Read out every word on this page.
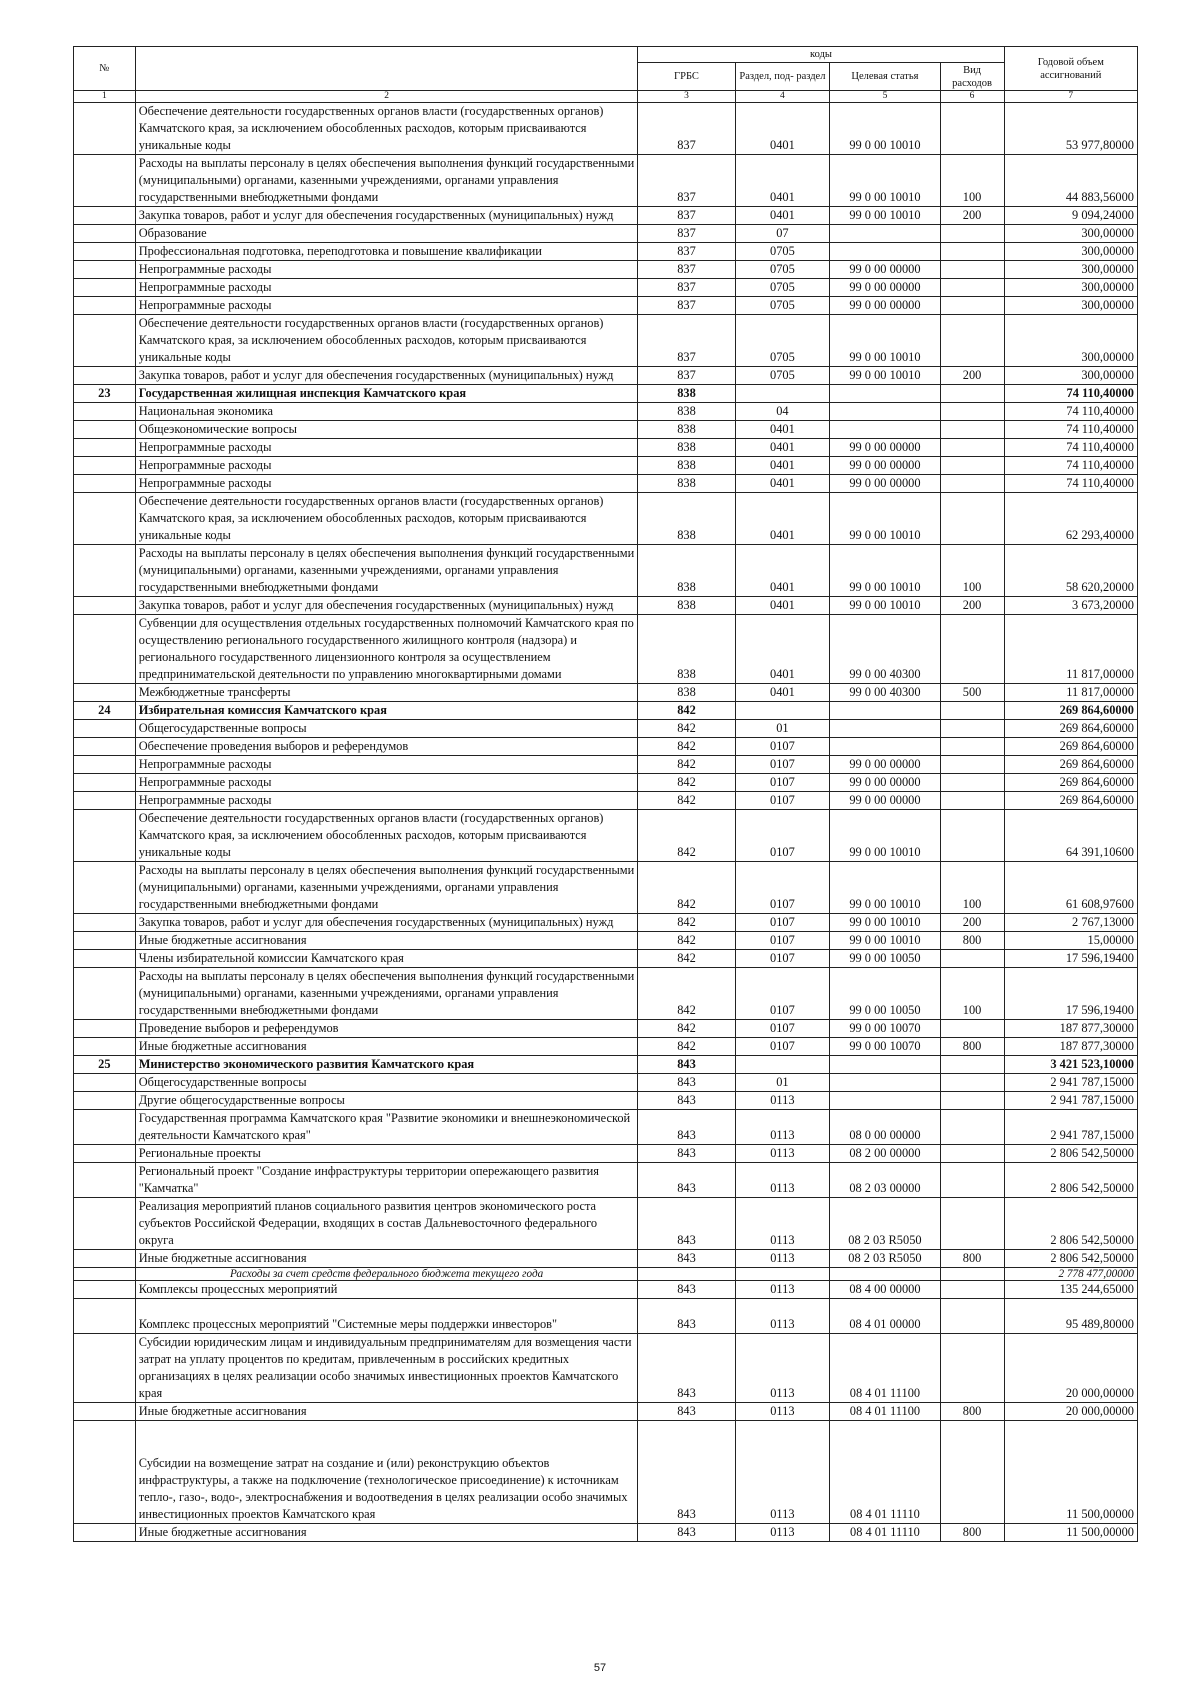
№		коды				Годовой объем ассигнований
		ГРБС	Раздел, под- раздел	Целевая статья	Вид расходов	
1	2	3	4	5	6	7
	Обеспечение деятельности государственных органов власти (государственных органов) Камчатского края, за исключением обособленных расходов, которым присваиваются уникальные коды	837	0401	99 0 00 10010		53 977,80000
	Расходы на выплаты персоналу в целях обеспечения выполнения функций государственными (муниципальными) органами, казенными учреждениями, органами управления государственными внебюджетными фондами	837	0401	99 0 00 10010	100	44 883,56000
	Закупка товаров, работ и услуг для обеспечения государственных (муниципальных) нужд	837	0401	99 0 00 10010	200	9 094,24000
	Образование	837	07			300,00000
	Профессиональная подготовка, переподготовка и повышение квалификации	837	0705			300,00000
	Непрограммные расходы	837	0705	99 0 00 00000		300,00000
	Непрограммные расходы	837	0705	99 0 00 00000		300,00000
	Непрограммные расходы	837	0705	99 0 00 00000		300,00000
	Обеспечение деятельности государственных органов власти (государственных органов) Камчатского края, за исключением обособленных расходов, которым присваиваются уникальные коды	837	0705	99 0 00 10010		300,00000
	Закупка товаров, работ и услуг для обеспечения государственных (муниципальных) нужд	837	0705	99 0 00 10010	200	300,00000
23	Государственная жилищная инспекция Камчатского края	838				74 110,40000
	Национальная экономика	838	04			74 110,40000
	Общеэкономические вопросы	838	0401			74 110,40000
	Непрограммные расходы	838	0401	99 0 00 00000		74 110,40000
	Непрограммные расходы	838	0401	99 0 00 00000		74 110,40000
	Непрограммные расходы	838	0401	99 0 00 00000		74 110,40000
	Обеспечение деятельности государственных органов власти (государственных органов) Камчатского края, за исключением обособленных расходов, которым присваиваются уникальные коды	838	0401	99 0 00 10010		62 293,40000
	Расходы на выплаты персоналу в целях обеспечения выполнения функций государственными (муниципальными) органами, казенными учреждениями, органами управления государственными внебюджетными фондами	838	0401	99 0 00 10010	100	58 620,20000
	Закупка товаров, работ и услуг для обеспечения государственных (муниципальных) нужд	838	0401	99 0 00 10010	200	3 673,20000
	Субвенции для осуществления отдельных государственных полномочий Камчатского края по осуществлению регионального государственного жилищного контроля (надзора) и регионального государственного лицензионного контроля за осуществлением предпринимательской деятельности по управлению многоквартирными домами	838	0401	99 0 00 40300		11 817,00000
	Межбюджетные трансферты	838	0401	99 0 00 40300	500	11 817,00000
24	Избирательная комиссия Камчатского края	842				269 864,60000
	Общегосударственные вопросы	842	01			269 864,60000
	Обеспечение проведения выборов и референдумов	842	0107			269 864,60000
	Непрограммные расходы	842	0107	99 0 00 00000		269 864,60000
	Непрограммные расходы	842	0107	99 0 00 00000		269 864,60000
	Непрограммные расходы	842	0107	99 0 00 00000		269 864,60000
	Обеспечение деятельности государственных органов власти (государственных органов) Камчатского края, за исключением обособленных расходов, которым присваиваются уникальные коды	842	0107	99 0 00 10010		64 391,10600
	Расходы на выплаты персоналу в целях обеспечения выполнения функций государственными (муниципальными) органами, казенными учреждениями, органами управления государственными внебюджетными фондами	842	0107	99 0 00 10010	100	61 608,97600
	Закупка товаров, работ и услуг для обеспечения государственных (муниципальных) нужд	842	0107	99 0 00 10010	200	2 767,13000
	Иные бюджетные ассигнования	842	0107	99 0 00 10010	800	15,00000
	Члены избирательной комиссии Камчатского края	842	0107	99 0 00 10050		17 596,19400
	Расходы на выплаты персоналу в целях обеспечения выполнения функций государственными (муниципальными) органами, казенными учреждениями, органами управления государственными внебюджетными фондами	842	0107	99 0 00 10050	100	17 596,19400
	Проведение выборов и референдумов	842	0107	99 0 00 10070		187 877,30000
	Иные бюджетные ассигнования	842	0107	99 0 00 10070	800	187 877,30000
25	Министерство экономического развития Камчатского края	843				3 421 523,10000
	Общегосударственные вопросы	843	01			2 941 787,15000
	Другие общегосударственные вопросы	843	0113			2 941 787,15000
	Государственная программа Камчатского края "Развитие экономики и внешнеэкономической деятельности Камчатского края"	843	0113	08 0 00 00000		2 941 787,15000
	Региональные проекты	843	0113	08 2 00 00000		2 806 542,50000
	Региональный проект "Создание инфраструктуры территории опережающего развития "Камчатка"	843	0113	08 2 03 00000		2 806 542,50000
	Реализация мероприятий планов социального развития центров экономического роста субъектов Российской Федерации, входящих в состав Дальневосточного федерального округа	843	0113	08 2 03 R5050		2 806 542,50000
	Иные бюджетные ассигнования	843	0113	08 2 03 R5050	800	2 806 542,50000
	Расходы за счет средств федерального бюджета текущего года					2 778 477,00000
	Комплексы процессных мероприятий	843	0113	08 4 00 00000		135 244,65000
	Комплекс процессных мероприятий "Системные меры поддержки инвесторов"	843	0113	08 4 01 00000		95 489,80000
	Субсидии юридическим лицам и индивидуальным предпринимателям для возмещения части затрат на уплату процентов по кредитам, привлеченным в российских кредитных организациях в целях реализации особо значимых инвестиционных проектов Камчатского края	843	0113	08 4 01 11100		20 000,00000
	Иные бюджетные ассигнования	843	0113	08 4 01 11100	800	20 000,00000
	Субсидии на возмещение затрат на создание и (или) реконструкцию объектов инфраструктуры, а также на подключение (технологическое присоединение) к источникам тепло-, газо-, водо-, электроснабжения и водоотведения в целях реализации особо значимых инвестиционных проектов Камчатского края	843	0113	08 4 01 11110		11 500,00000
	Иные бюджетные ассигнования	843	0113	08 4 01 11110	800	11 500,00000
57
